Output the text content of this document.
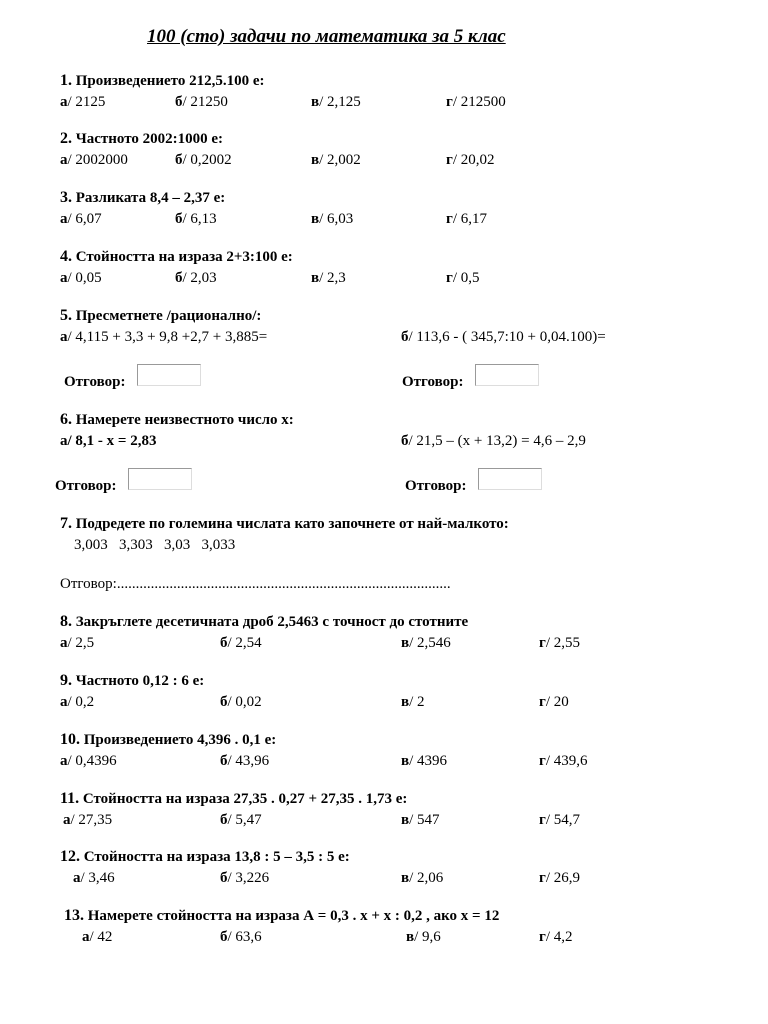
100 (сто) задачи по математика за 5 клас
1. Произведението 212,5.100 е:
а/ 2125	б/ 21250	в/ 2,125	г/ 212500
2. Частното 2002:1000 е:
а/ 2002000	б/ 0,2002	в/ 2,002	г/ 20,02
3. Разликата 8,4 – 2,37 е:
а/ 6,07	б/ 6,13	в/ 6,03	г/ 6,17
4. Стойността на израза 2+3:100 е:
а/ 0,05	б/ 2,03	в/ 2,3	г/ 0,5
5. Пресметнете /рационално/:
а/ 4,115 + 3,3 + 9,8 +2,7 + 3,885=	б/ 113,6 - ( 345,7:10 + 0,04.100)=
Отговор:	Отговор:
6. Намерете неизвестното число х:
а/ 8,1 - х = 2,83	б/ 21,5 – (х + 13,2) = 4,6 – 2,9
Отговор:	Отговор:
7. Подредете по големина числата като започнете от най-малкото:
3,003   3,303   3,03   3,033
Отговор:.........................................................................................
8. Закръглете десетичната дроб 2,5463 с точност до стотните
а/ 2,5	б/ 2,54	в/ 2,546	г/ 2,55
9. Частното 0,12 : 6 е:
а/ 0,2	б/ 0,02	в/ 2	г/ 20
10. Произведението 4,396 . 0,1 е:
а/ 0,4396	б/ 43,96	в/ 4396	г/ 439,6
11. Стойността на израза 27,35 . 0,27 + 27,35 . 1,73 е:
а/ 27,35	б/ 5,47	в/ 547	г/ 54,7
12. Стойността на израза 13,8 : 5 – 3,5 : 5 е:
а/ 3,46	б/ 3,226	в/ 2,06	г/ 26,9
13. Намерете стойността на израза А = 0,3 . х + х : 0,2 , ако х = 12
а/ 42	б/ 63,6	в/ 9,6	г/ 4,2
